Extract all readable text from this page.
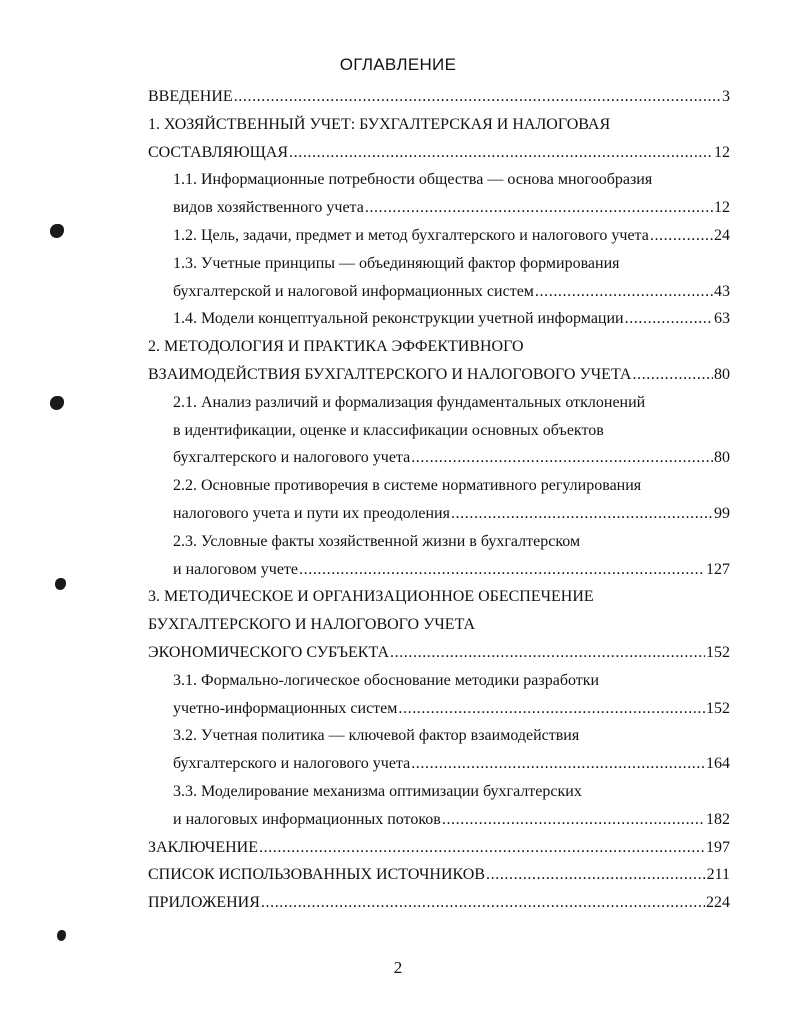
ОГЛАВЛЕНИЕ
ВВЕДЕНИЕ .....	3
1. ХОЗЯЙСТВЕННЫЙ УЧЕТ: БУХГАЛТЕРСКАЯ И НАЛОГОВАЯ
СОСТАВЛЯЮЩАЯ .....	12
1.1. Информационные потребности общества — основа многообразия
видов хозяйственного учета .....	12
1.2. Цель, задачи, предмет и метод бухгалтерского и налогового учета .....	24
1.3. Учетные принципы — объединяющий фактор формирования
бухгалтерской и налоговой информационных систем .....	43
1.4. Модели концептуальной реконструкции учетной информации .....	63
2. МЕТОДОЛОГИЯ И ПРАКТИКА ЭФФЕКТИВНОГО
ВЗАИМОДЕЙСТВИЯ БУХГАЛТЕРСКОГО И НАЛОГОВОГО УЧЕТА .....	80
2.1. Анализ различий и формализация фундаментальных отклонений
в идентификации, оценке и классификации основных объектов
бухгалтерского и налогового учета .....	80
2.2. Основные противоречия в системе нормативного регулирования
налогового учета и пути их преодоления .....	99
2.3. Условные факты хозяйственной жизни в бухгалтерском
и налоговом учете .....	127
3. МЕТОДИЧЕСКОЕ И ОРГАНИЗАЦИОННОЕ ОБЕСПЕЧЕНИЕ
БУХГАЛТЕРСКОГО И НАЛОГОВОГО УЧЕТА
ЭКОНОМИЧЕСКОГО СУБЪЕКТА .....	152
3.1. Формально-логическое обоснование методики разработки
учетно-информационных систем .....	152
3.2. Учетная политика — ключевой фактор взаимодействия
бухгалтерского и налогового учета .....	164
3.3. Моделирование механизма оптимизации бухгалтерских
и налоговых информационных потоков .....	182
ЗАКЛЮЧЕНИЕ .....	197
СПИСОК ИСПОЛЬЗОВАННЫХ ИСТОЧНИКОВ .....	211
ПРИЛОЖЕНИЯ .....	224
2
